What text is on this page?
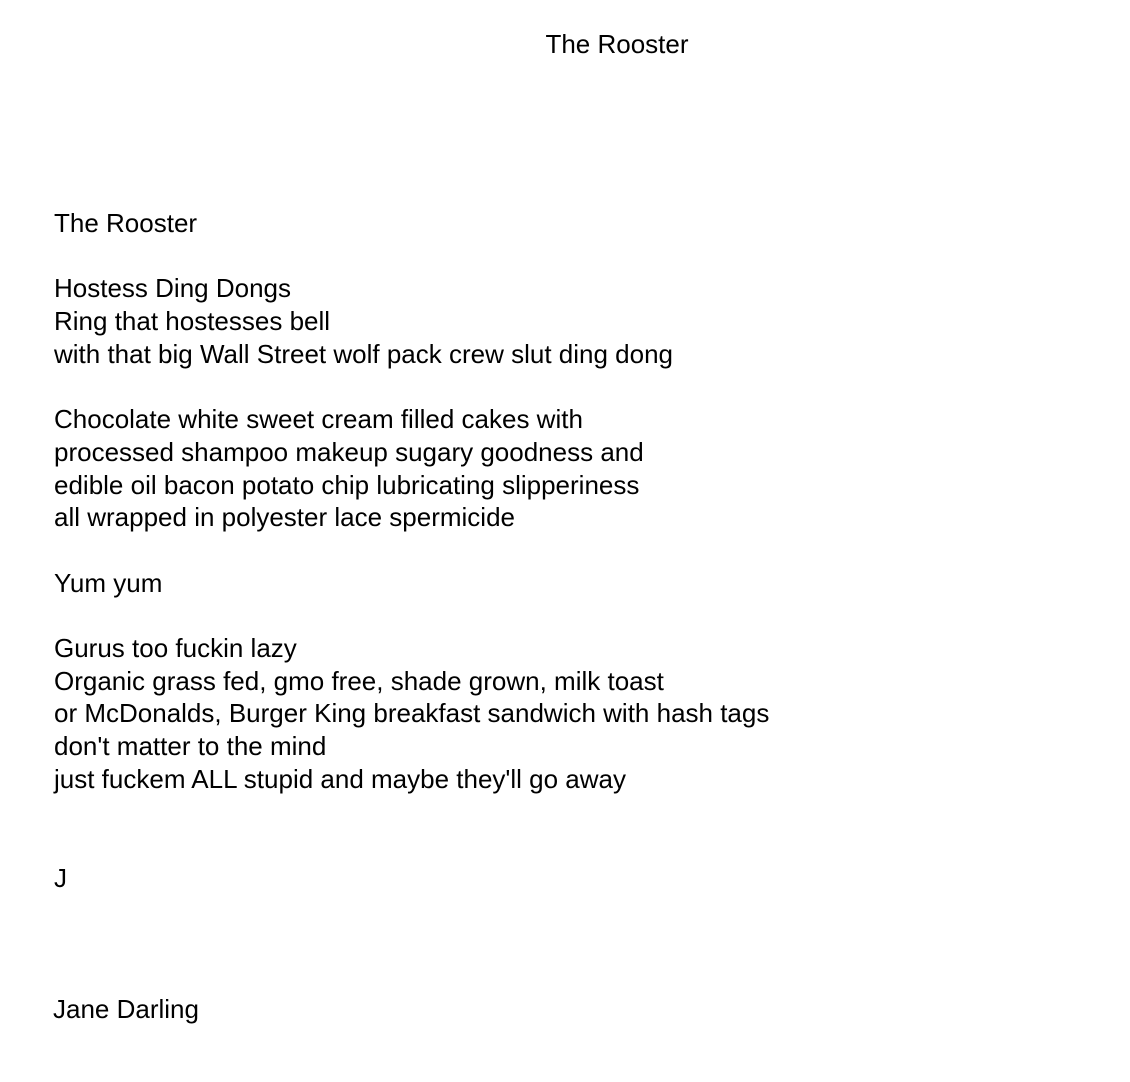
The Rooster
The Rooster
Hostess Ding Dongs
Ring that hostesses bell
with that big Wall Street wolf pack crew slut ding dong
Chocolate white sweet cream filled cakes with
processed shampoo makeup sugary goodness and
edible oil bacon potato chip lubricating slipperiness
all wrapped in polyester lace spermicide
Yum yum
Gurus too fuckin lazy
Organic grass fed, gmo free, shade grown, milk toast
or McDonalds, Burger King breakfast sandwich with hash tags
don't matter to the mind
just fuckem ALL stupid and maybe they'll go away
J
Jane Darling
